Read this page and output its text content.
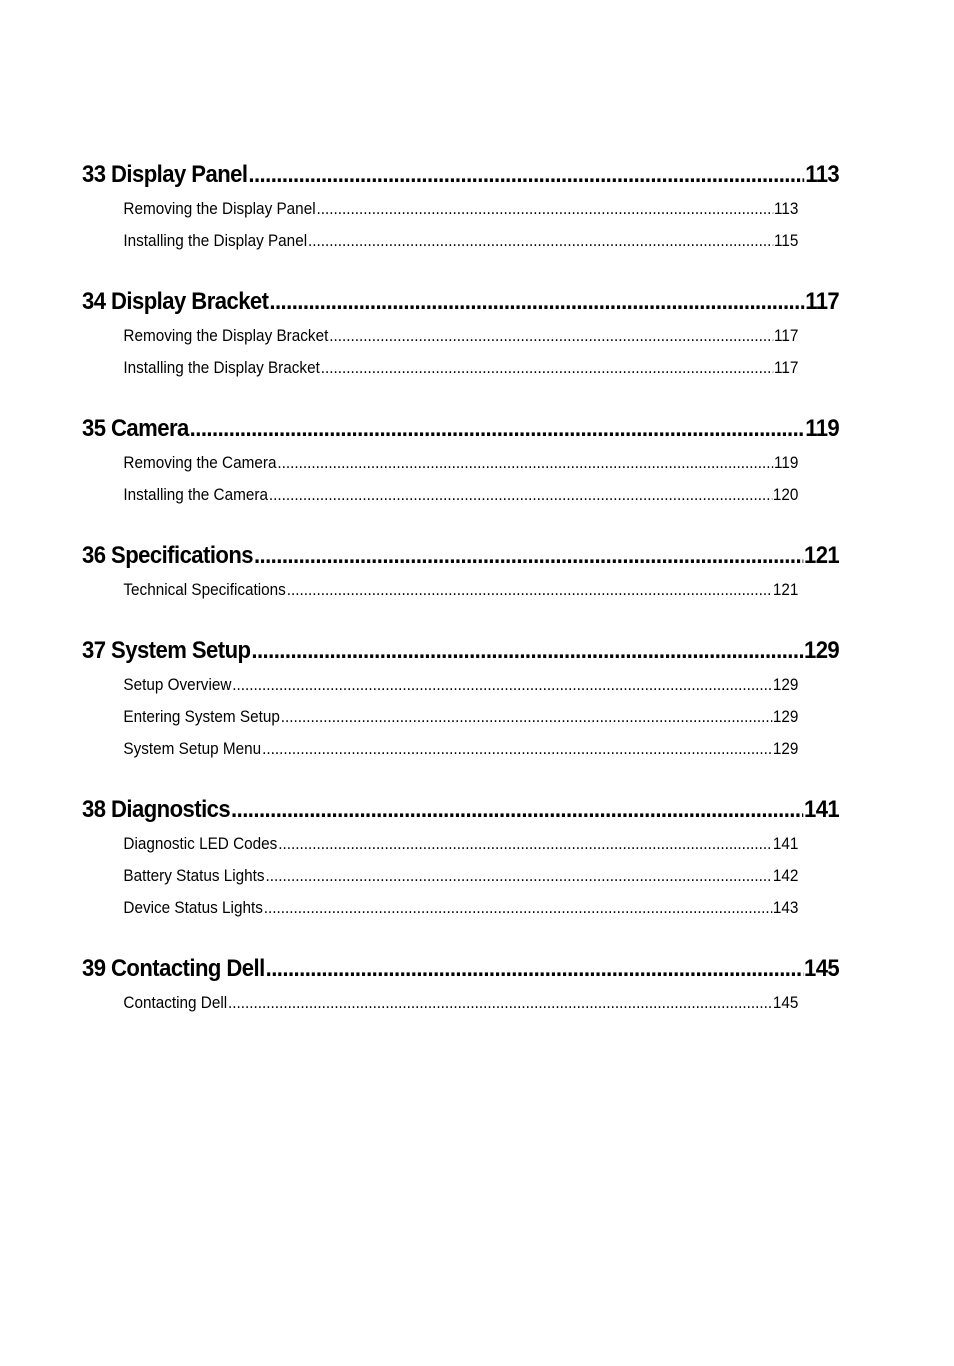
33 Display Panel .....	113
Removing the Display Panel .....	113
Installing the Display Panel .....	115
34 Display Bracket .....	117
Removing the Display Bracket .....	117
Installing the Display Bracket .....	117
35 Camera .....	119
Removing the Camera .....	119
Installing the Camera .....	120
36 Specifications .....	121
Technical Specifications .....	121
37 System Setup .....	129
Setup Overview .....	129
Entering System Setup .....	129
System Setup Menu .....	129
38 Diagnostics .....	141
Diagnostic LED Codes .....	141
Battery Status Lights .....	142
Device Status Lights .....	143
39 Contacting Dell .....	145
Contacting Dell .....	145
